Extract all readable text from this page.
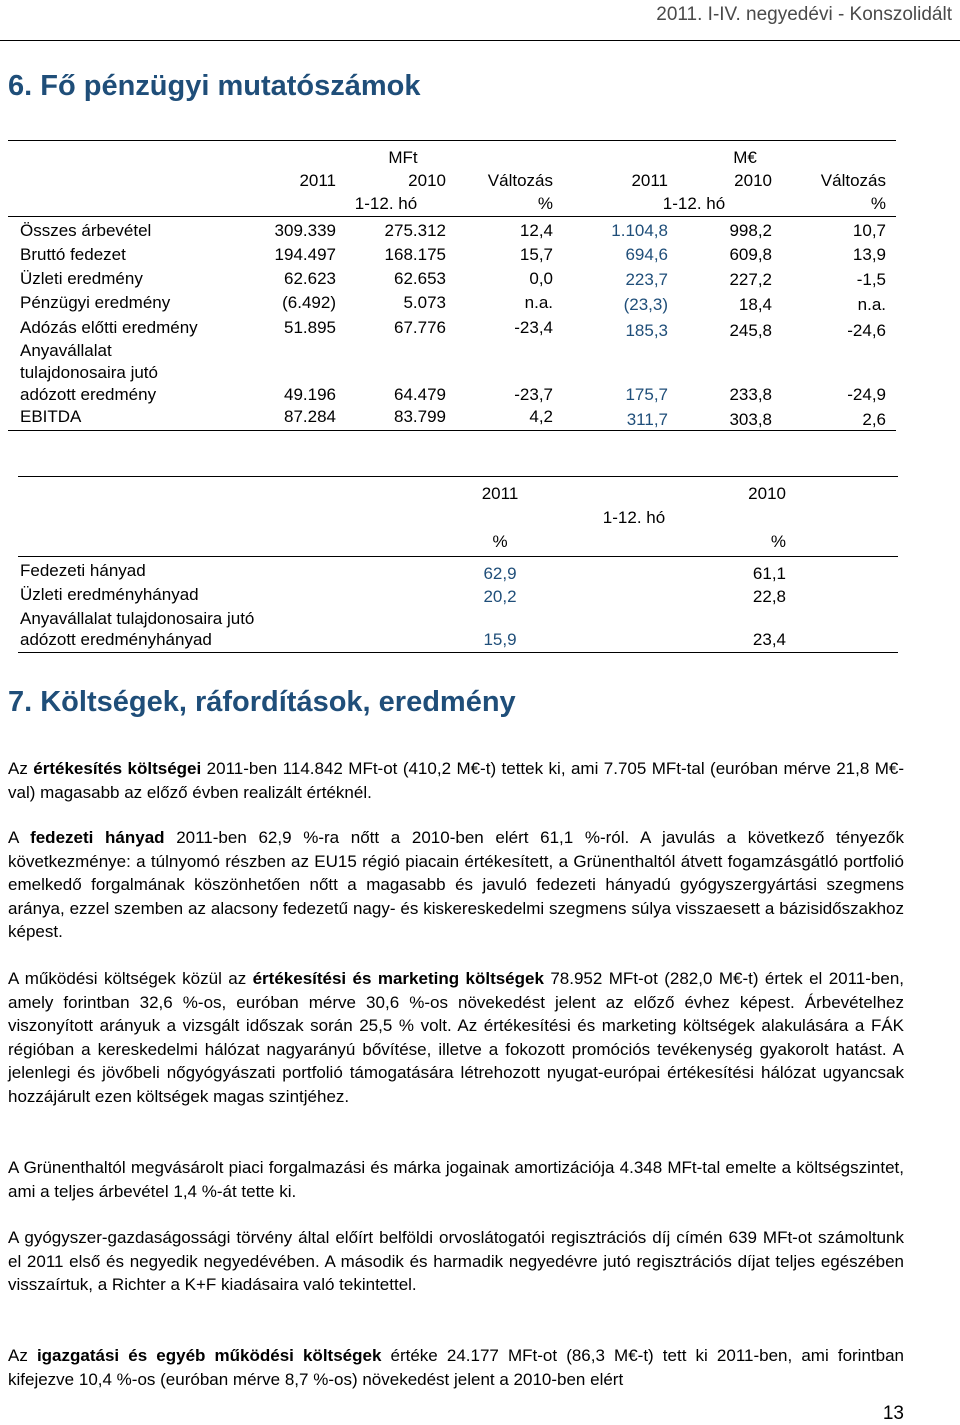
2011. I-IV. negyedévi - Konszolidált
6. Fő pénzügyi mutatószámok
MFt	M€
2011	2010	Változás	2011	2010	Változás
1-12. hó	%	1-12. hó	%
Összes árbevétel	309.339	275.312	12,4	1.104,8	998,2	10,7
Bruttó fedezet	194.497	168.175	15,7	694,6	609,8	13,9
Üzleti eredmény	62.623	62.653	0,0	223,7	227,2	-1,5
Pénzügyi eredmény	(6.492)	5.073	n.a.	(23,3)	18,4	n.a.
Adózás előtti eredmény	51.895	67.776	-23,4	185,3	245,8	-24,6
Anyavállalat
tulajdonosaira jutó
adózott eredmény	49.196	64.479	-23,7	175,7	233,8	-24,9
EBITDA	87.284	83.799	4,2	311,7	303,8	2,6
2011	2010
1-12. hó
%	%
Fedezeti hányad	62,9	61,1
Üzleti eredményhányad	20,2	22,8
Anyavállalat tulajdonosaira jutó
adózott eredményhányad	15,9	23,4
7. Költségek, ráfordítások, eredmény
Az értékesítés költségei 2011-ben 114.842 MFt-ot (410,2 M€-t) tettek ki, ami 7.705 MFt-tal (euróban mérve 21,8 M€-val) magasabb az előző évben realizált értéknél.
A fedezeti hányad 2011-ben 62,9 %-ra nőtt a 2010-ben elért 61,1 %-ról. A javulás a következő tényezők következménye: a túlnyomó részben az EU15 régió piacain értékesített, a Grünenthaltól átvett fogamzásgátló portfolió emelkedő forgalmának köszönhetően nőtt a magasabb és javuló fedezeti hányadú gyógyszergyártási szegmens aránya, ezzel szemben az alacsony fedezetű nagy- és kiskereskedelmi szegmens súlya visszaesett a bázisidőszakhoz képest.
A működési költségek közül az értékesítési és marketing költségek 78.952 MFt-ot (282,0 M€-t) értek el 2011-ben, amely forintban 32,6 %-os, euróban mérve 30,6 %-os növekedést jelent az előző évhez képest. Árbevételhez viszonyított arányuk a vizsgált időszak során 25,5 % volt. Az értékesítési és marketing költségek alakulására a FÁK régióban a kereskedelmi hálózat nagyarányú bővítése, illetve a fokozott promóciós tevékenység gyakorolt hatást. A jelenlegi és jövőbeli nőgyógyászati portfolió támogatására létrehozott nyugat-európai értékesítési hálózat ugyancsak hozzájárult ezen költségek magas szintjéhez.
A Grünenthaltól megvásárolt piaci forgalmazási és márka jogainak amortizációja 4.348 MFt-tal emelte a költségszintet, ami a teljes árbevétel 1,4 %-át tette ki.
A gyógyszer-gazdaságossági törvény által előírt belföldi orvoslátogatói regisztrációs díj címén 639 MFt-ot számoltunk el 2011 első és negyedik negyedévében. A második és harmadik negyedévre jutó regisztrációs díjat teljes egészében visszaírtuk, a Richter a K+F kiadásaira való tekintettel.
Az igazgatási és egyéb működési költségek értéke 24.177 MFt-ot (86,3 M€-t) tett ki 2011-ben, ami forintban kifejezve 10,4 %-os (euróban mérve 8,7 %-os) növekedést jelent a 2010-ben elért
13
